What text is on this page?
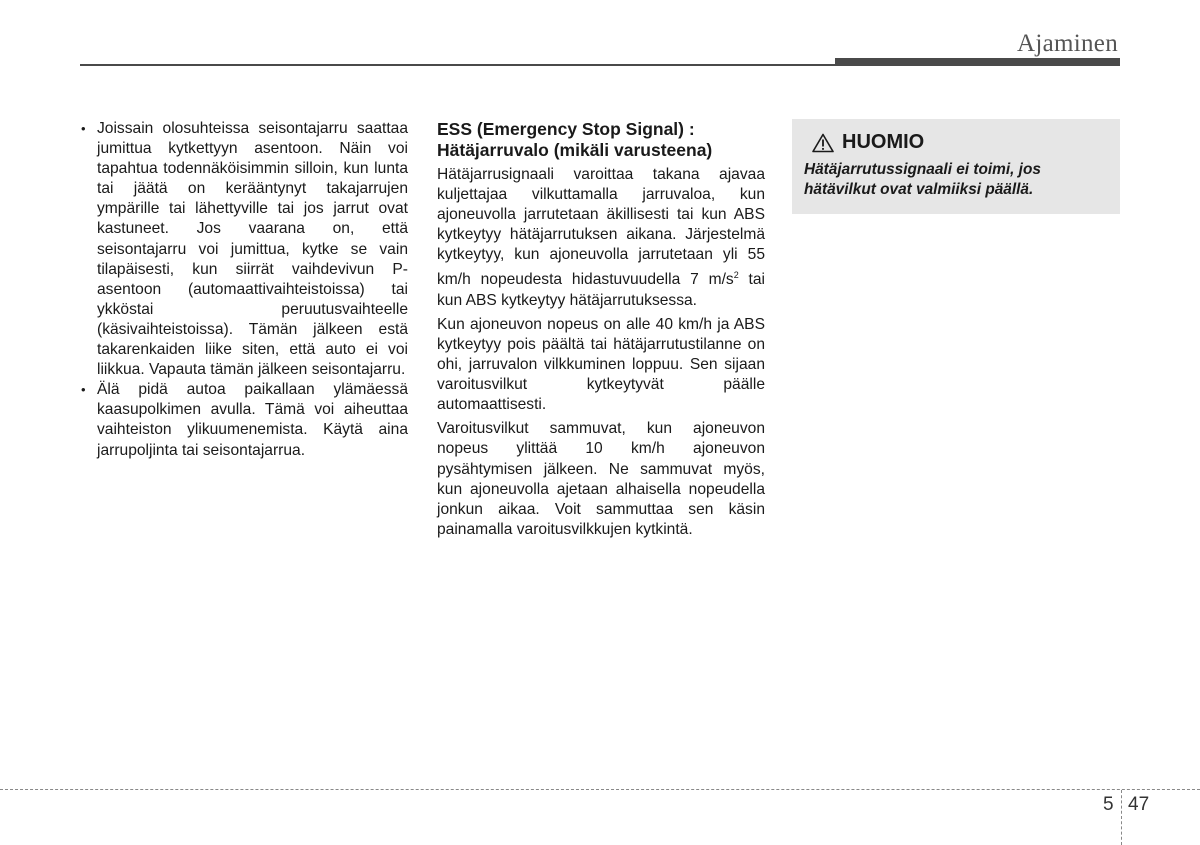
Ajaminen
• Joissain olosuhteissa seisontajarru saattaa jumittua kytkettyyn asentoon. Näin voi tapahtua todennäköisimmin silloin, kun lunta tai jäätä on kerääntynyt takajarrujen ympärille tai lähettyville tai jos jarrut ovat kastuneet. Jos vaarana on, että seisontajarru voi jumittua, kytke se vain tilapäisesti, kun siirrät vaihdevivun P-asentoon (automaattivaihteistoissa) tai ykköstai peruutusvaihteelle (käsivaihteistoissa). Tämän jälkeen estä takarenkaiden liike siten, että auto ei voi liikkua. Vapauta tämän jälkeen seisontajarru.
• Älä pidä autoa paikallaan ylämäessä kaasupolkimen avulla. Tämä voi aiheuttaa vaihteiston ylikuumenemista. Käytä aina jarrupoljinta tai seisontajarrua.
ESS (Emergency Stop Signal) :
Hätäjarruvalo (mikäli varusteena)

Hätäjarrusignaali varoittaa takana ajavaa kuljettajaa vilkuttamalla jarruvaloa, kun ajoneuvolla jarrutetaan äkillisesti tai kun ABS kytkeytyy hätäjarrutuksen aikana. Järjestelmä kytkeytyy, kun ajoneuvolla jarrutetaan yli 55 km/h nopeudesta hidastuvuudella 7 $m/s^2$ tai kun ABS kytkeytyy hätäjarrutuksessa.

Kun ajoneuvon nopeus on alle 40 km/h ja ABS kytkeytyy pois päältä tai hätäjarrutustilanne on ohi, jarruvalon vilkkuminen loppuu. Sen sijaan varoitusvilkut kytkeytyvät päälle automaattisesti.

Varoitusvilkut sammuvat, kun ajoneuvon nopeus ylittää 10 km/h ajoneuvon pysähtymisen jälkeen. Ne sammuvat myös, kun ajoneuvolla ajetaan alhaisella nopeudella jonkun aikaa. Voit sammuttaa sen käsin painamalla varoitusvilkkujen kytkintä.

HUOMIO
Hätäjarrutussignaali ei toimi, jos hätävilkut ovat valmiiksi päällä.
5 47
